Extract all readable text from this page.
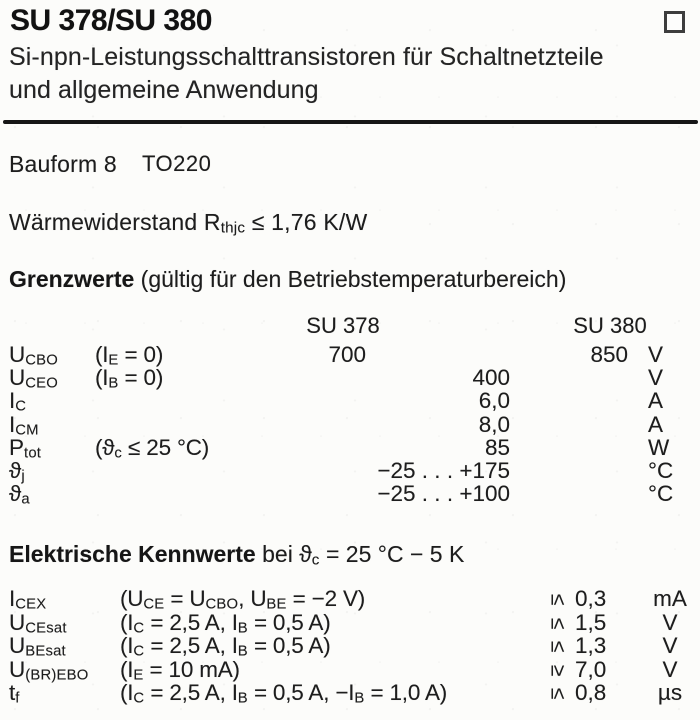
SU 378/SU 380
Si-npn-Leistungsschalttransistoren für Schaltnetzteile
und allgemeine Anwendung
Bauform 8 TO220
Wärmewiderstand Rthjc ≤ 1,76 K/W
Grenzwerte (gültig für den Betriebstemperaturbereich)
SU 378	SU 380
UCBO (IE = 0)	700	850 V
UCEO (IB = 0)	400	V
IC	6,0	A
ICM	8,0	A
Ptot (ϑc ≤ 25 °C)	85	W
ϑj	−25 . . . +175	°C
ϑa	−25 . . . +100	°C
Elektrische Kennwerte bei ϑc = 25 °C − 5 K
ICEX	(UCE = UCBO, UBE = −2 V)	≤ 0,3	mA
UCEsat (IC = 2,5 A, IB = 0,5 A)	≤ 1,5	V
UBEsat (IC = 2,5 A, IB = 0,5 A)	≤ 1,3	V
U(BR)EBO (IE = 10 mA)	≥ 7,0	V
tf	(IC = 2,5 A, IB = 0,5 A, −IB = 1,0 A)	≤ 0,8	µs
